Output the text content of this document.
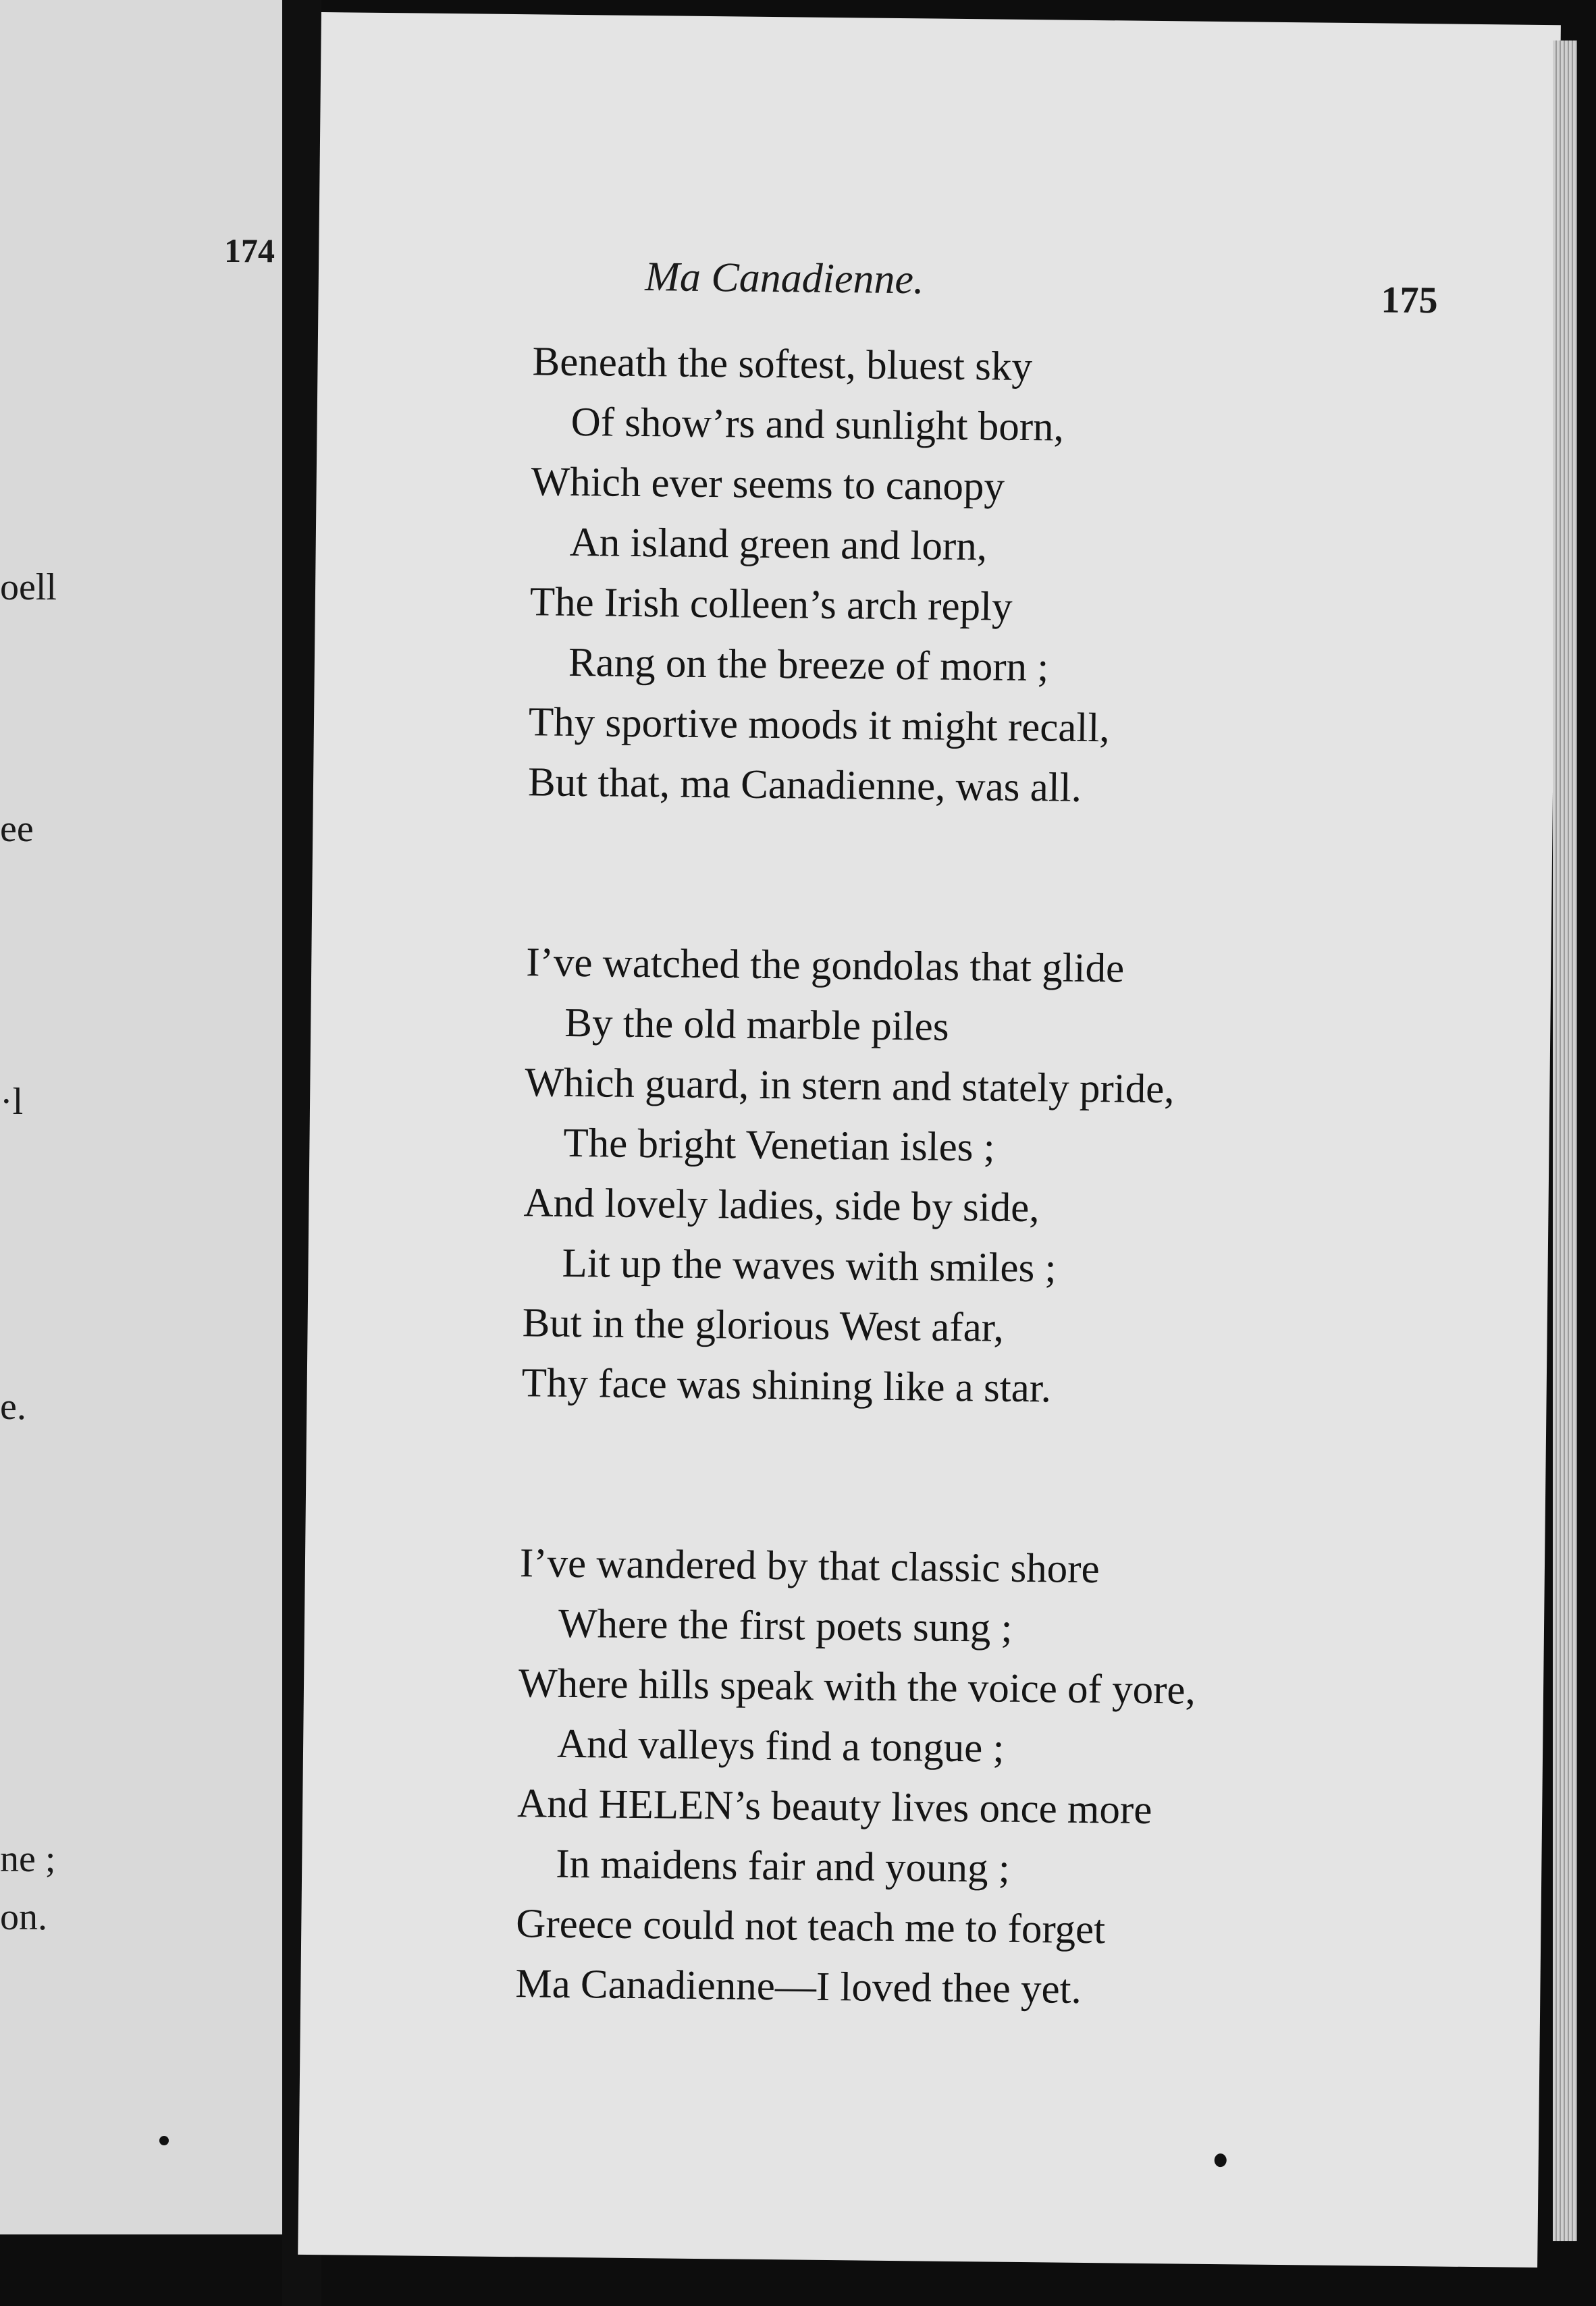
174
oell
ee
·l
e.
ne ;
on.
Ma Canadienne.	175
Beneath the softest, bluest sky
Of show’rs and sunlight born,
Which ever seems to canopy
An island green and lorn,
The Irish colleen’s arch reply
Rang on the breeze of morn ;
Thy sportive moods it might recall,
But that, ma Canadienne, was all.
I’ve watched the gondolas that glide
By the old marble piles
Which guard, in stern and stately pride,
The bright Venetian isles ;
And lovely ladies, side by side,
Lit up the waves with smiles ;
But in the glorious West afar,
Thy face was shining like a star.
I’ve wandered by that classic shore
Where the first poets sung ;
Where hills speak with the voice of yore,
And valleys find a tongue ;
And HELEN’s beauty lives once more
In maidens fair and young ;
Greece could not teach me to forget
Ma Canadienne—I loved thee yet.
